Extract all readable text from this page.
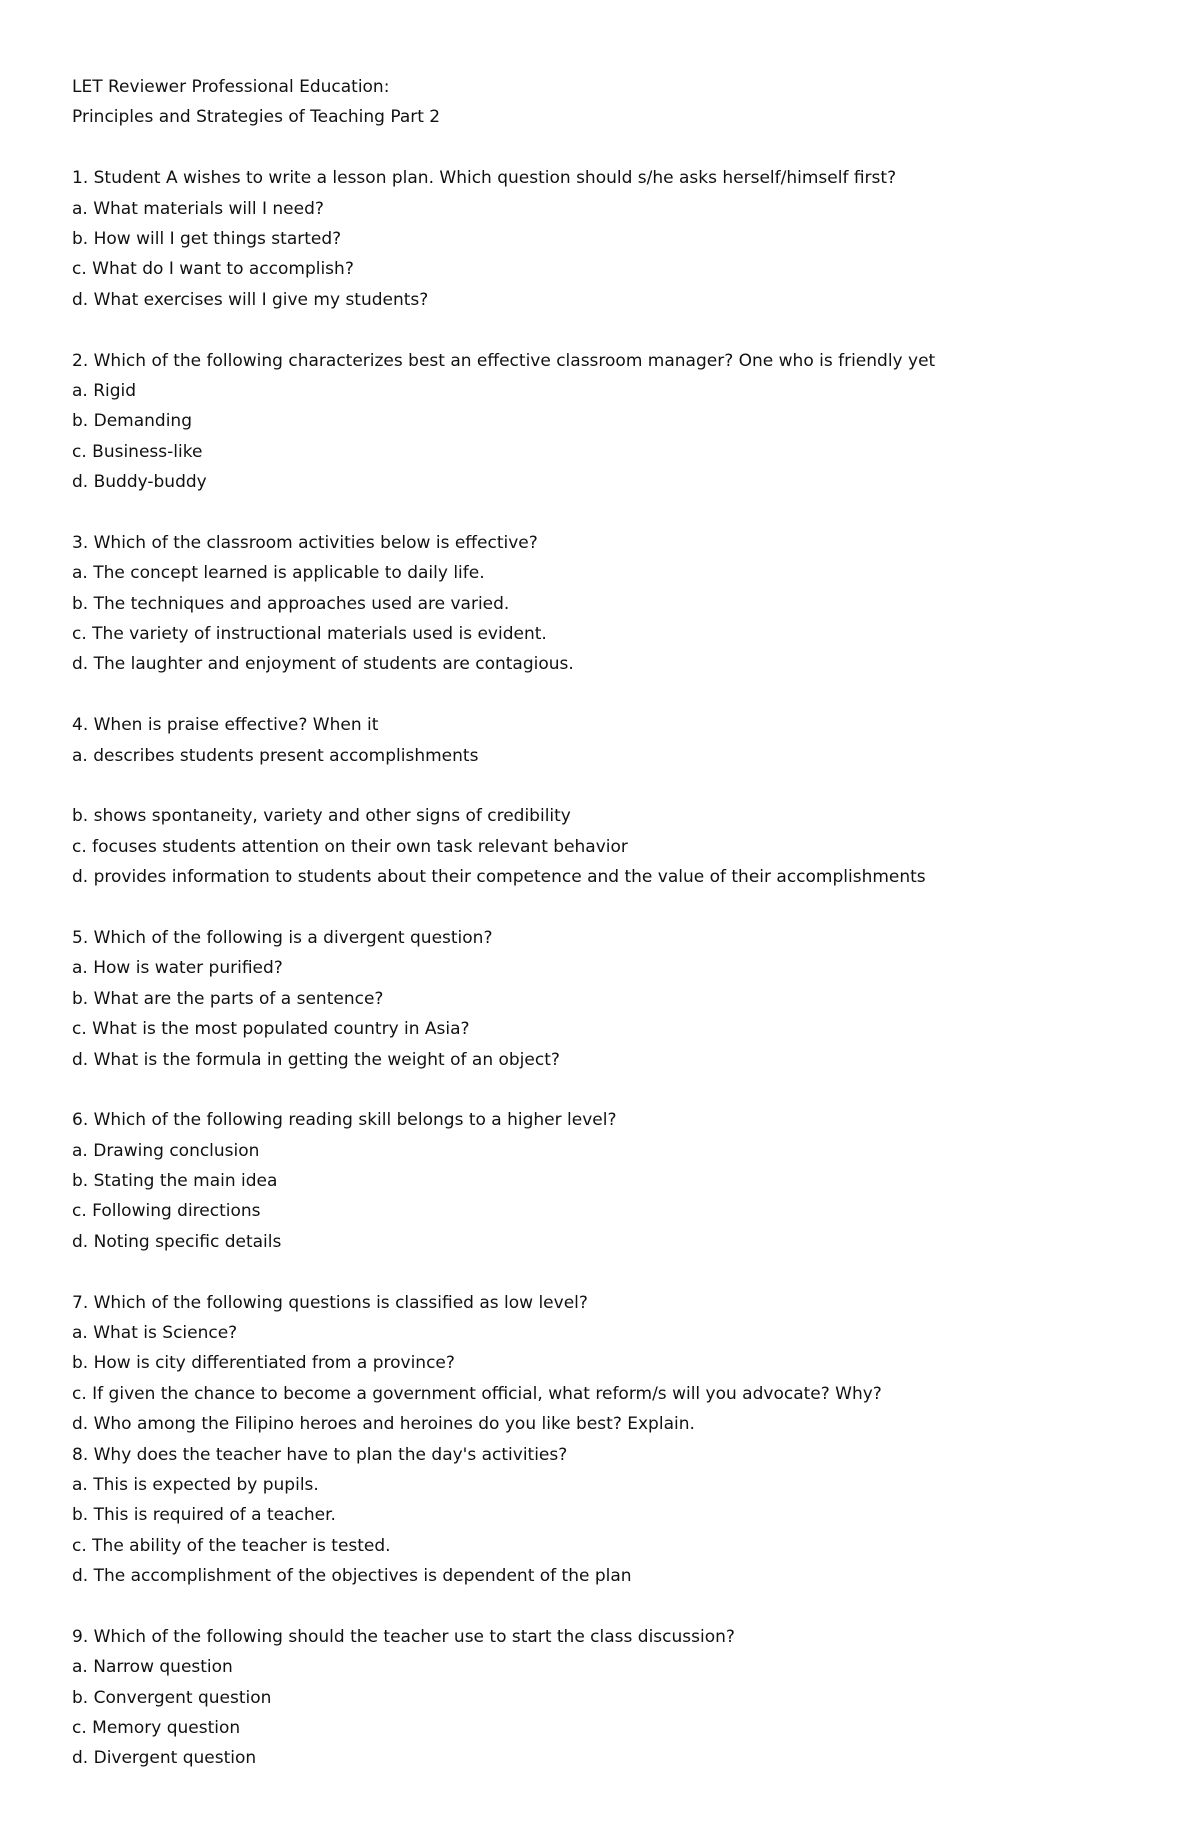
LET Reviewer Professional Education:
Principles and Strategies of Teaching Part 2
1. Student A wishes to write a lesson plan. Which question should s/he asks herself/himself first?
a. What materials will I need?
b. How will I get things started?
c. What do I want to accomplish?
d. What exercises will I give my students?
2. Which of the following characterizes best an effective classroom manager? One who is friendly yet
a. Rigid
b. Demanding
c. Business-like
d. Buddy-buddy
3. Which of the classroom activities below is effective?
a. The concept learned is applicable to daily life.
b. The techniques and approaches used are varied.
c. The variety of instructional materials used is evident.
d. The laughter and enjoyment of students are contagious.
4. When is praise effective? When it
a. describes students present accomplishments
b. shows spontaneity, variety and other signs of credibility
c. focuses students attention on their own task relevant behavior
d. provides information to students about their competence and the value of their accomplishments
5. Which of the following is a divergent question?
a. How is water purified?
b. What are the parts of a sentence?
c. What is the most populated country in Asia?
d. What is the formula in getting the weight of an object?
6. Which of the following reading skill belongs to a higher level?
a. Drawing conclusion
b. Stating the main idea
c. Following directions
d. Noting specific details
7. Which of the following questions is classified as low level?
a. What is Science?
b. How is city differentiated from a province?
c. If given the chance to become a government official, what reform/s will you advocate? Why?
d. Who among the Filipino heroes and heroines do you like best? Explain.
8. Why does the teacher have to plan the day's activities?
a. This is expected by pupils.
b. This is required of a teacher.
c. The ability of the teacher is tested.
d. The accomplishment of the objectives is dependent of the plan
9. Which of the following should the teacher use to start the class discussion?
a. Narrow question
b. Convergent question
c. Memory question
d. Divergent question
